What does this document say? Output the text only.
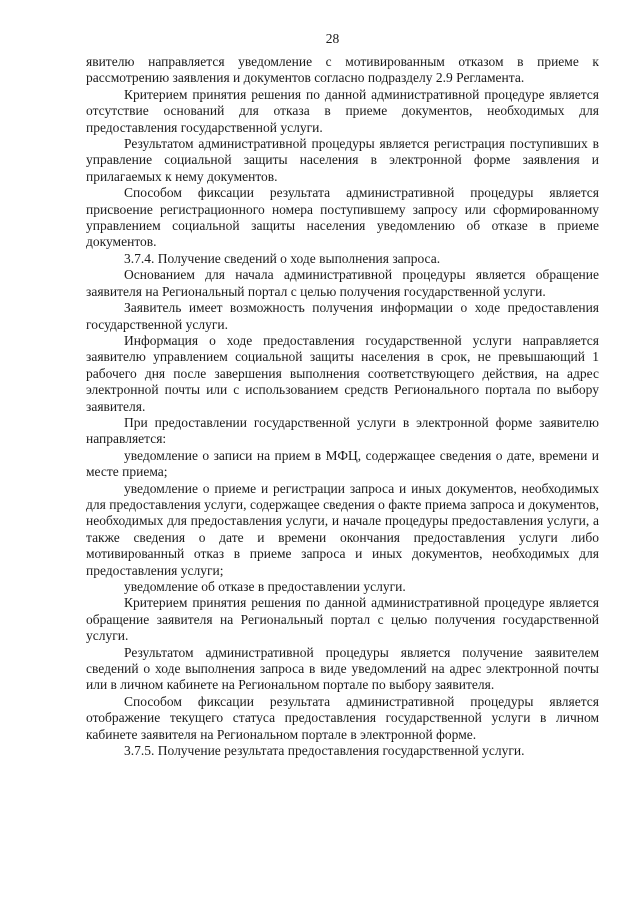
28

явителю направляется уведомление с мотивированным отказом в приеме к рассмотрению заявления и документов согласно подразделу 2.9 Регламента.

Критерием принятия решения по данной административной процедуре является отсутствие оснований для отказа в приеме документов, необходимых для предоставления государственной услуги.

Результатом административной процедуры является регистрация поступивших в управление социальной защиты населения в электронной форме заявления и прилагаемых к нему документов.

Способом фиксации результата административной процедуры является присвоение регистрационного номера поступившему запросу или сформированному управлением социальной защиты населения уведомлению об отказе в приеме документов.

3.7.4. Получение сведений о ходе выполнения запроса.

Основанием для начала административной процедуры является обращение заявителя на Региональный портал с целью получения государственной услуги.

Заявитель имеет возможность получения информации о ходе предоставления государственной услуги.

Информация о ходе предоставления государственной услуги направляется заявителю управлением социальной защиты населения в срок, не превышающий 1 рабочего дня после завершения выполнения соответствующего действия, на адрес электронной почты или с использованием средств Регионального портала по выбору заявителя.

При предоставлении государственной услуги в электронной форме заявителю направляется:

уведомление о записи на прием в МФЦ, содержащее сведения о дате, времени и месте приема;

уведомление о приеме и регистрации запроса и иных документов, необходимых для предоставления услуги, содержащее сведения о факте приема запроса и документов, необходимых для предоставления услуги, и начале процедуры предоставления услуги, а также сведения о дате и времени окончания предоставления услуги либо мотивированный отказ в приеме запроса и иных документов, необходимых для предоставления услуги;

уведомление об отказе в предоставлении услуги.

Критерием принятия решения по данной административной процедуре является обращение заявителя на Региональный портал с целью получения государственной услуги.

Результатом административной процедуры является получение заявителем сведений о ходе выполнения запроса в виде уведомлений на адрес электронной почты или в личном кабинете на Региональном портале по выбору заявителя.

Способом фиксации результата административной процедуры является отображение текущего статуса предоставления государственной услуги в личном кабинете заявителя на Региональном портале в электронной форме.

3.7.5. Получение результата предоставления государственной услуги.
